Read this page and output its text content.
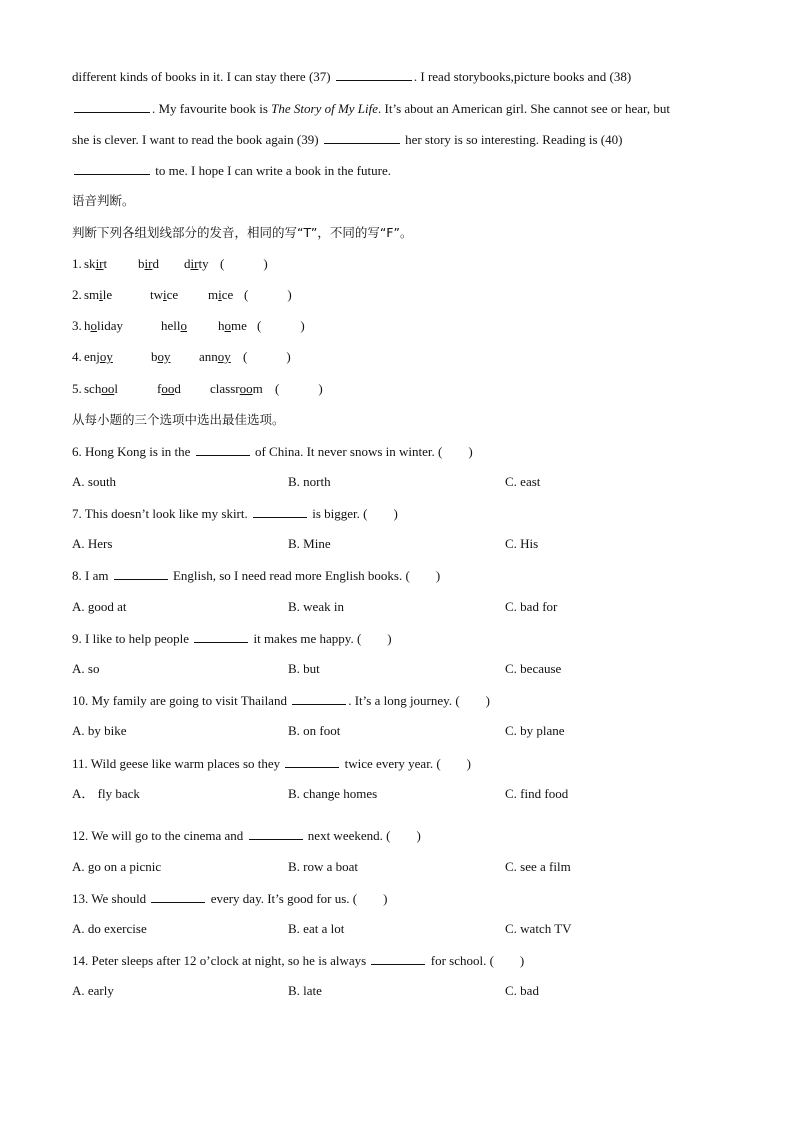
different kinds of books in it. I can stay there (37)	. I read storybooks,picture books and (38)
. My favourite book is The Story of My Life. It’s about an American girl. She cannot see or hear, but
she is clever. I want to read the book again (39)	her story is so interesting. Reading is (40)
to me. I hope I can write a book in the future.
语音判断。
判断下列各组划线部分的发音，相同的写“T”，不同的写“F”。
从每小题的三个选项中选出最佳选项。
1. skirt bird dirty (　　　)
2. smile	twice mice (　　　)
3. holiday	hello home (　　　)
4. enjoy	boy annoy (　　　)
5. school	food classroom (　　　)
6. Hong Kong is in the	of China. It never snows in winter. (　　)
A. south	B. north	C. east
7. This doesn’t look like my skirt.	is bigger. (　　)
A. Hers	B. Mine	C. His
8. I am	English, so I need read more English books. (　　)
A. good at	B. weak in	C. bad for
9. I like to help people	it makes me happy. (　　)
A. so	B. but	C. because
10. My family are going to visit Thailand	. It’s a long journey. (　　)
A. by bike	B. on foot	C. by plane
11. Wild geese like warm places so they	twice every year. (　　)
A． fly back	B. change homes	C. find food
12. We will go to the cinema and	next weekend. (　　)
A. go on a picnic	B. row a boat	C. see a film
13. We should	every day. It’s good for us. (　　)
A. do exercise	B. eat a lot	C. watch TV
14. Peter sleeps after 12 o’clock at night, so he is always	for school. (　　)
A. early	B. late	C. bad
